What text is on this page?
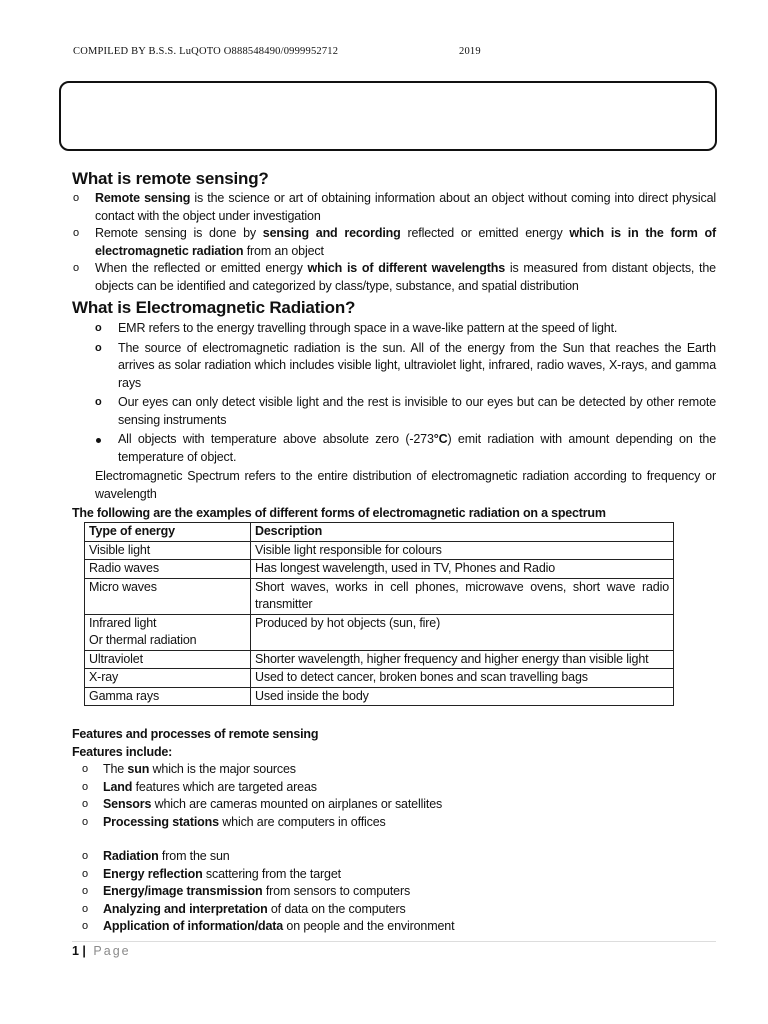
COMPILED BY B.S.S. LuQOTO O888548490/0999952712	2019
What is remote sensing?
o Remote sensing is the science or art of obtaining information about an object without coming into direct physical contact with the object under investigation
o Remote sensing is done by sensing and recording reflected or emitted energy which is in the form of electromagnetic radiation from an object
o When the reflected or emitted energy which is of different wavelengths is measured from distant objects, the objects can be identified and categorized by class/type, substance, and spatial distribution
What is Electromagnetic Radiation?
o EMR refers to the energy travelling through space in a wave-like pattern at the speed of light.
o The source of electromagnetic radiation is the sun. All of the energy from the Sun that reaches the Earth arrives as solar radiation which includes visible light, ultraviolet light, infrared, radio waves, X-rays, and gamma rays
o Our eyes can only detect visible light and the rest is invisible to our eyes but can be detected by other remote sensing instruments
All objects with temperature above absolute zero (-273°C) emit radiation with amount depending on the temperature of object.
Electromagnetic Spectrum refers to the entire distribution of electromagnetic radiation according to frequency or wavelength
The following are the examples of different forms of electromagnetic radiation on a spectrum
Type of energy	Description
Visible light	Visible light responsible for colours
Radio waves	Has longest wavelength, used in TV, Phones and Radio
Micro waves	Short waves, works in cell phones, microwave ovens, short wave radio transmitter

Infrared light
Or thermal radiation	Produced by hot objects (sun, fire)
Ultraviolet	Shorter wavelength, higher frequency and higher energy than visible light
X-ray	Used to detect cancer, broken bones and scan travelling bags
Gamma rays	Used inside the body
Features and processes of remote sensing
Features include:
o The sun which is the major sources
o Land features which are targeted areas
o Sensors which are cameras mounted on airplanes or satellites
o Processing stations which are computers in offices
o Radiation from the sun
o Energy reflection scattering from the target
o Energy/image transmission from sensors to computers
o Analyzing and interpretation of data on the computers
o Application of information/data on people and the environment
1 | Page
